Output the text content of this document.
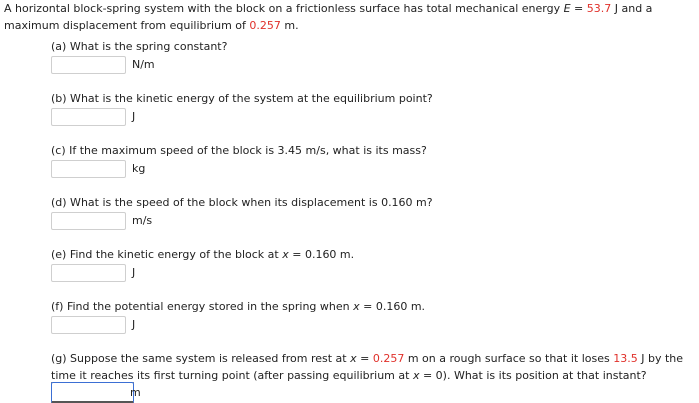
A horizontal block-spring system with the block on a frictionless surface has total mechanical energy E = 53.7 J and a
maximum displacement from equilibrium of 0.257 m.
(a) What is the spring constant?
N/m
(b) What is the kinetic energy of the system at the equilibrium point?
J
(c) If the maximum speed of the block is 3.45 m/s, what is its mass?
kg
(d) What is the speed of the block when its displacement is 0.160 m?
m/s
(e) Find the kinetic energy of the block at x = 0.160 m.
J
(f) Find the potential energy stored in the spring when x = 0.160 m.
J
(g) Suppose the same system is released from rest at x = 0.257 m on a rough surface so that it loses 13.5 J by the
time it reaches its first turning point (after passing equilibrium at x = 0). What is its position at that instant?
m
